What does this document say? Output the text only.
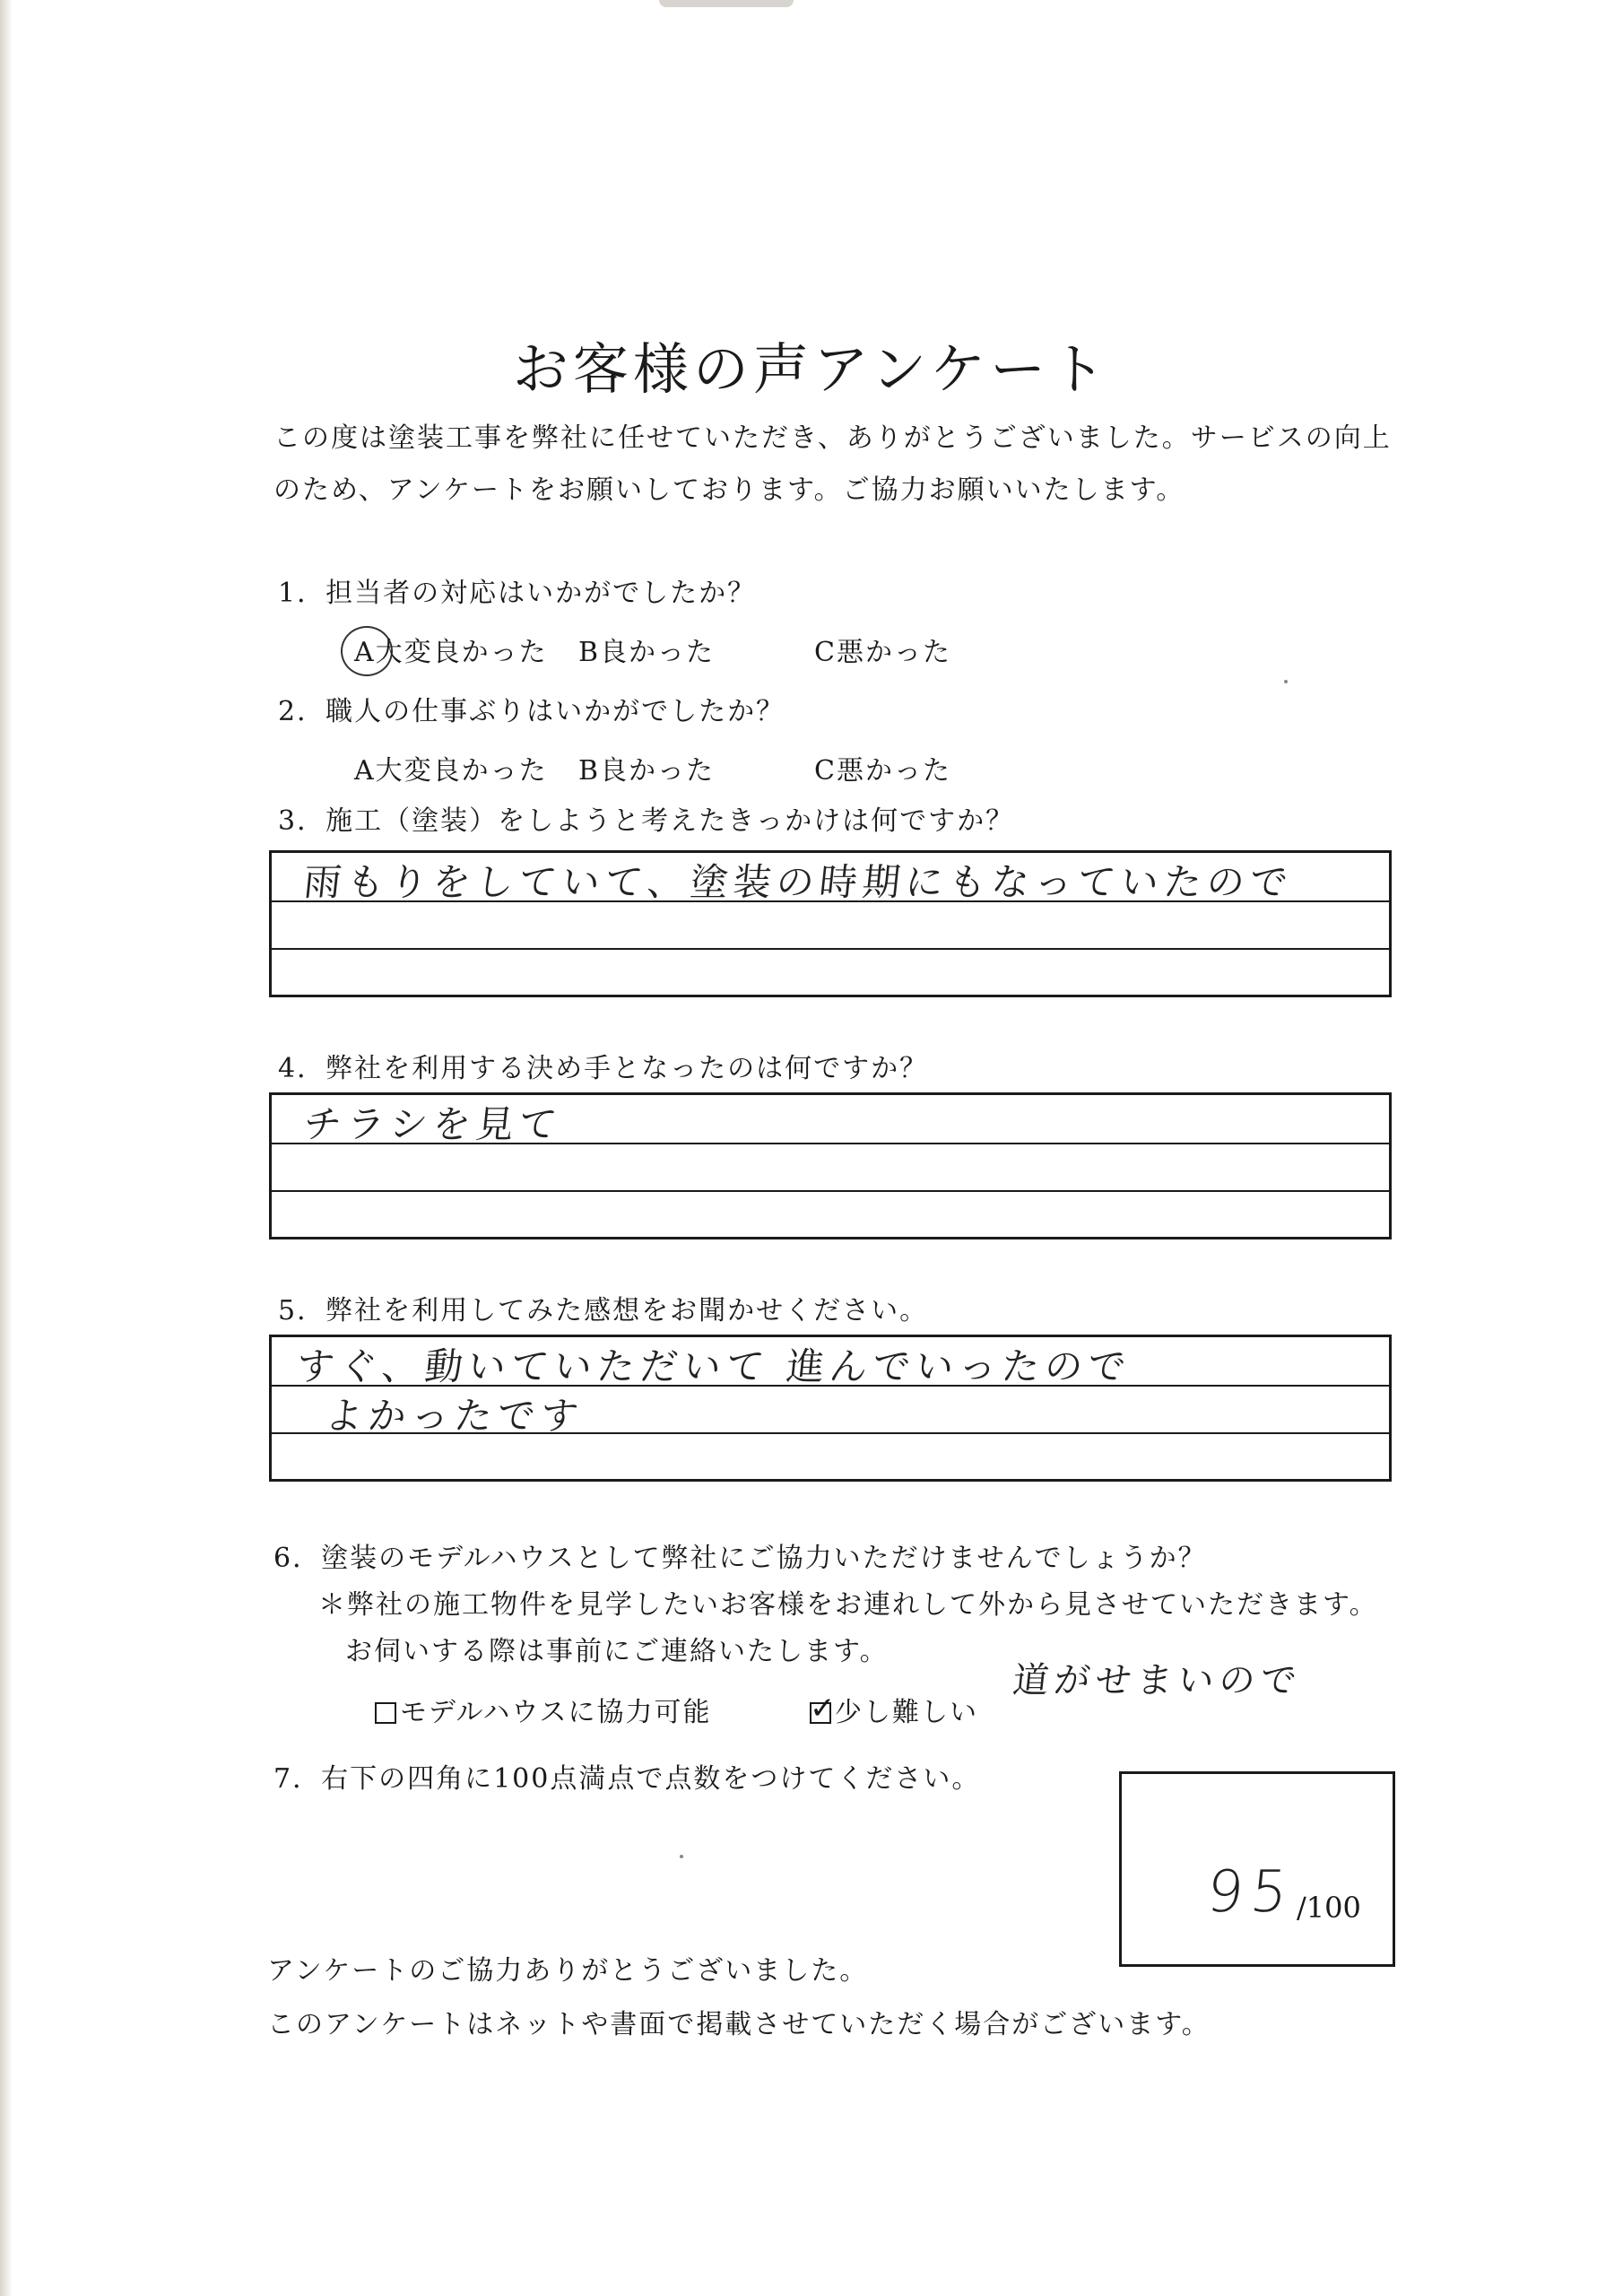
お客様の声アンケート
この度は塗装工事を弊社に任せていただき、ありがとうございました。サービスの向上
のため、アンケートをお願いしております。ご協力お願いいたします。
1．担当者の対応はいかがでしたか？
A大変良かった B良かった	C悪かった
2．職人の仕事ぶりはいかがでしたか？
A大変良かった B良かった	C悪かった
3．施工（塗装）をしようと考えたきっかけは何ですか？
雨もりをしていて、塗装の時期にもなっていたので
4．弊社を利用する決め手となったのは何ですか？
チラシを見て
5．弊社を利用してみた感想をお聞かせください。
すぐ、動いていただいて 進んでいったので
よかったです
6．塗装のモデルハウスとして弊社にご協力いただけませんでしょうか？
＊弊社の施工物件を見学したいお客様をお連れして外から見させていただきます。
お伺いする際は事前にご連絡いたします。
モデルハウスに協力可能	✓
少し難しい
道がせまいので
7．右下の四角に100点満点で点数をつけてください。
95
/100
アンケートのご協力ありがとうございました。
このアンケートはネットや書面で掲載させていただく場合がございます。
